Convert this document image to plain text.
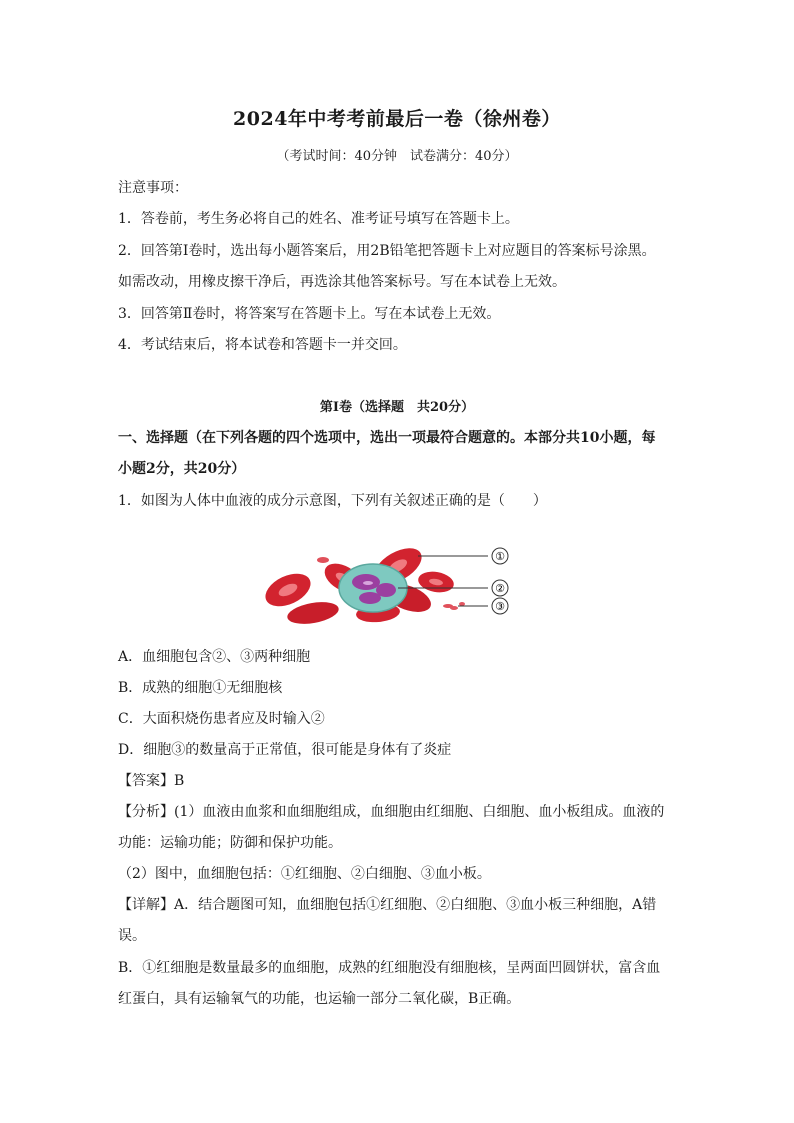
2024年中考考前最后一卷（徐州卷）
（考试时间：40分钟　试卷满分：40分）
注意事项：
1．答卷前，考生务必将自己的姓名、准考证号填写在答题卡上。
2．回答第Ⅰ卷时，选出每小题答案后，用2B铅笔把答题卡上对应题目的答案标号涂黑。
如需改动，用橡皮擦干净后，再选涂其他答案标号。写在本试卷上无效。
3．回答第Ⅱ卷时，将答案写在答题卡上。写在本试卷上无效。
4．考试结束后，将本试卷和答题卡一并交回。
第Ⅰ卷（选择题　共20分）
一、选择题（在下列各题的四个选项中，选出一项最符合题意的。本部分共10小题，每
小题2分，共20分）
1．如图为人体中血液的成分示意图，下列有关叙述正确的是（　　）
①
②
③
A．血细胞包含②、③两种细胞
B．成熟的细胞①无细胞核
C．大面积烧伤患者应及时输入②
D．细胞③的数量高于正常值，很可能是身体有了炎症
【答案】B
【分析】(1）血液由血浆和血细胞组成，血细胞由红细胞、白细胞、血小板组成。血液的
功能：运输功能；防御和保护功能。
（2）图中，血细胞包括：①红细胞、②白细胞、③血小板。
【详解】A．结合题图可知，血细胞包括①红细胞、②白细胞、③血小板三种细胞，A错
误。
B．①红细胞是数量最多的血细胞，成熟的红细胞没有细胞核，呈两面凹圆饼状，富含血
红蛋白，具有运输氧气的功能，也运输一部分二氧化碳，B正确。
